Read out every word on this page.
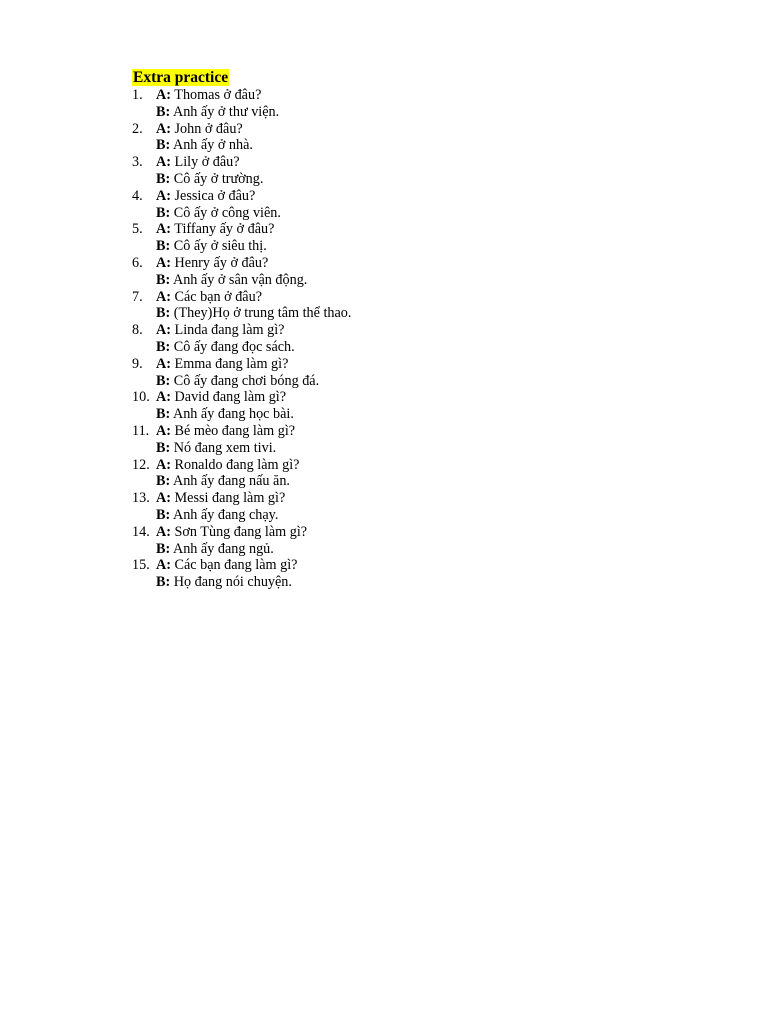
Extra practice
1. A: Thomas ở đâu?
B: Anh ấy ở thư viện.
2. A: John ở đâu?
B: Anh ấy ở nhà.
3. A: Lily ở đâu?
B: Cô ấy ở trường.
4. A: Jessica ở đâu?
B: Cô ấy ở công viên.
5. A: Tiffany ấy ở đâu?
B: Cô ấy ở siêu thị.
6. A: Henry ấy ở đâu?
B: Anh ấy ở sân vận động.
7. A: Các bạn ở đâu?
B: (They)Họ ở trung tâm thể thao.
8. A: Linda đang làm gì?
B: Cô ấy đang đọc sách.
9. A: Emma đang làm gì?
B: Cô ấy đang chơi bóng đá.
10. A: David đang làm gì?
B: Anh ấy đang học bài.
11. A: Bé mèo đang làm gì?
B: Nó đang xem tivi.
12. A: Ronaldo đang làm gì?
B: Anh ấy đang nấu ăn.
13. A: Messi đang làm gì?
B: Anh ấy đang chạy.
14. A: Sơn Tùng đang làm gì?
B: Anh ấy đang ngủ.
15. A: Các bạn đang làm gì?
B: Họ đang nói chuyện.
